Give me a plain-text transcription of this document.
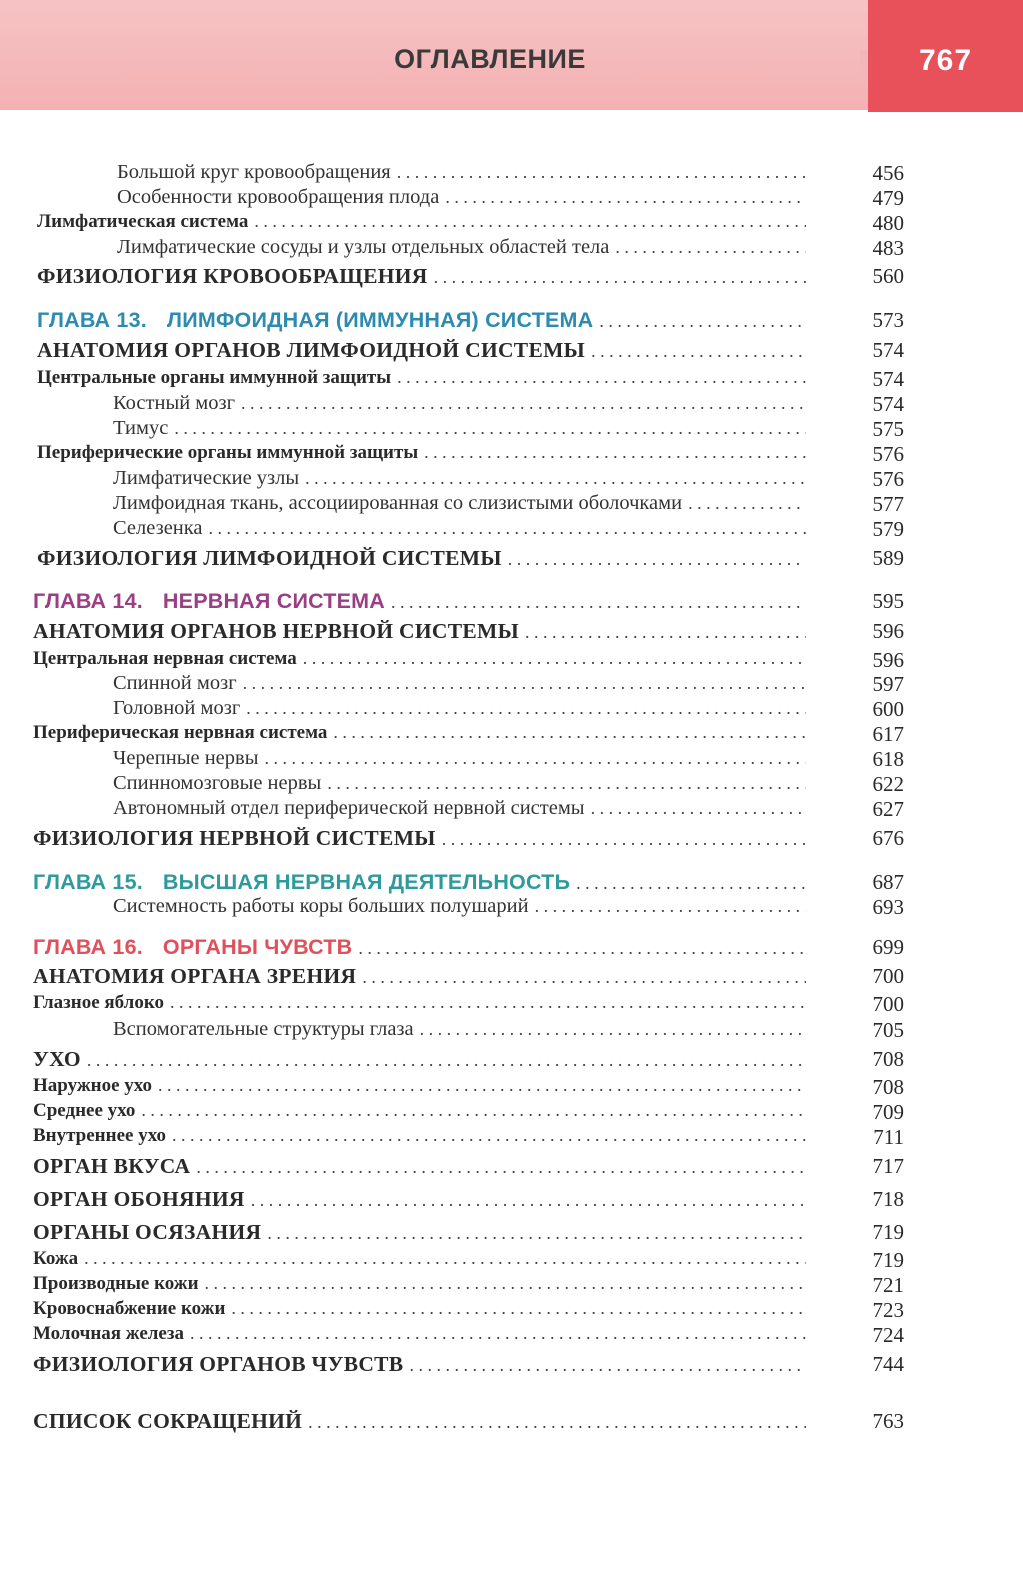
ОГЛАВЛЕНИЕ	767
Большой круг кровообращения . . .	456
Особенности кровообращения плода . . .	479
Лимфатическая система . . .	480
Лимфатические сосуды и узлы отдельных областей тела . . .	483
ФИЗИОЛОГИЯ КРОВООБРАЩЕНИЯ . . .	560
ГЛАВА 13. ЛИМФОИДНАЯ (ИММУННАЯ) СИСТЕМА . . .	573
АНАТОМИЯ ОРГАНОВ ЛИМФОИДНОЙ СИСТЕМЫ . . .	574
Центральные органы иммунной защиты . . .	574
Костный мозг . . .	574
Тимус . . .	575
Периферические органы иммунной защиты . . .	576
Лимфатические узлы . . .	576
Лимфоидная ткань, ассоциированная со слизистыми оболочками . . .	577
Селезенка . . .	579
ФИЗИОЛОГИЯ ЛИМФОИДНОЙ СИСТЕМЫ . . .	589
ГЛАВА 14. НЕРВНАЯ СИСТЕМА . . .	595
АНАТОМИЯ ОРГАНОВ НЕРВНОЙ СИСТЕМЫ . . .	596
Центральная нервная система . . .	596
Спинной мозг . . .	597
Головной мозг . . .	600
Периферическая нервная система . . .	617
Черепные нервы . . .	618
Спинномозговые нервы . . .	622
Автономный отдел периферической нервной системы . . .	627
ФИЗИОЛОГИЯ НЕРВНОЙ СИСТЕМЫ . . .	676
ГЛАВА 15. ВЫСШАЯ НЕРВНАЯ ДЕЯТЕЛЬНОСТЬ . . .	687
Системность работы коры больших полушарий . . .	693
ГЛАВА 16. ОРГАНЫ ЧУВСТВ . . .	699
АНАТОМИЯ ОРГАНА ЗРЕНИЯ . . .	700
Глазное яблоко . . .	700
Вспомогательные структуры глаза . . .	705
УХО . . .	708
Наружное ухо . . .	708
Среднее ухо . . .	709
Внутреннее ухо . . .	711
ОРГАН ВКУСА . . .	717
ОРГАН ОБОНЯНИЯ . . .	718
ОРГАНЫ ОСЯЗАНИЯ . . .	719
Кожа . . .	719
Производные кожи . . .	721
Кровоснабжение кожи . . .	723
Молочная железа . . .	724
ФИЗИОЛОГИЯ ОРГАНОВ ЧУВСТВ . . .	744
СПИСОК СОКРАЩЕНИЙ . . .	763
